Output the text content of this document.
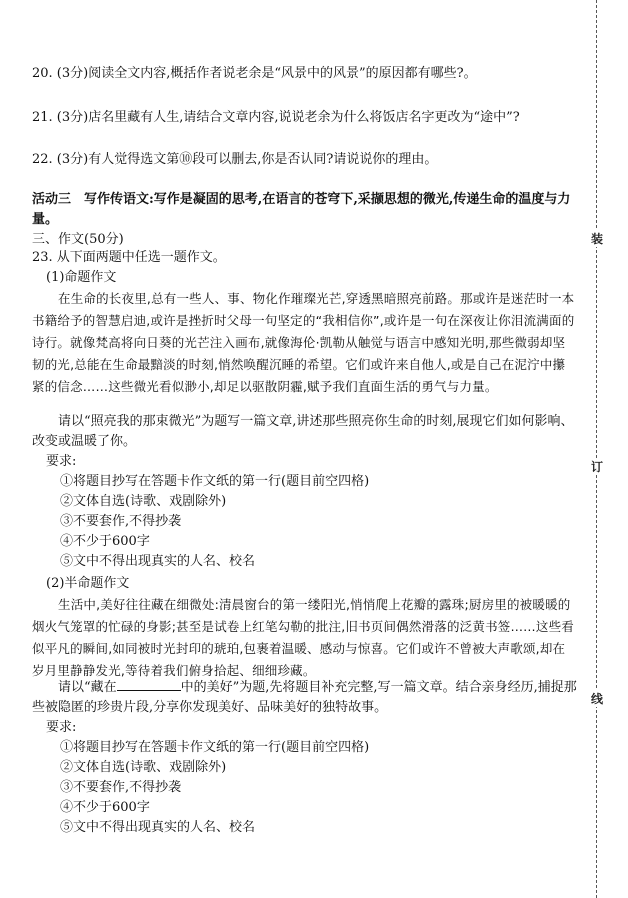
20. (3分)阅读全文内容,概括作者说老余是“风景中的风景”的原因都有哪些?。
21. (3分)店名里藏有人生,请结合文章内容,说说老余为什么将饭店名字更改为“途中”?
22. (3分)有人觉得选文第⑩段可以删去,你是否认同?请说说你的理由。
活动三　写作传语文:写作是凝固的思考,在语言的苍穹下,采撷思想的微光,传递生命的温度与力量。
三、作文(50分)
23. 从下面两题中任选一题作文。
(1)命题作文
在生命的长夜里,总有一些人、事、物化作璀璨光芒,穿透黑暗照亮前路。那或许是迷茫时一本书籍给予的智慧启迪,或许是挫折时父母一句坚定的“我相信你”,或许是一句在深夜让你泪流满面的诗行。就像梵高将向日葵的光芒注入画布,就像海伦·凯勒从触觉与语言中感知光明,那些微弱却坚韧的光,总能在生命最黯淡的时刻,悄然唤醒沉睡的希望。它们或许来自他人,或是自己在泥泞中攥紧的信念……这些微光看似渺小,却足以驱散阴霾,赋予我们直面生活的勇气与力量。
请以“照亮我的那束微光”为题写一篇文章,讲述那些照亮你生命的时刻,展现它们如何影响、改变或温暖了你。
要求:
①将题目抄写在答题卡作文纸的第一行(题目前空四格)
②文体自选(诗歌、戏剧除外)
③不要套作,不得抄袭
④不少于600字
⑤文中不得出现真实的人名、校名
(2)半命题作文
生活中,美好往往藏在细微处:清晨窗台的第一缕阳光,悄悄爬上花瓣的露珠;厨房里的被暖暖的烟火气笼罩的忙碌的身影;甚至是试卷上红笔勾勒的批注,旧书页间偶然滑落的泛黄书签……这些看似平凡的瞬间,如同被时光封印的琥珀,包裹着温暖、感动与惊喜。它们或许不曾被大声歌颂,却在岁月里静静发光,等待着我们俯身拾起、细细珍藏。
请以“藏在	中的美好”为题,先将题目补充完整,写一篇文章。结合亲身经历,捕捉那些被隐匿的珍贵片段,分享你发现美好、品味美好的独特故事。
要求:
①将题目抄写在答题卡作文纸的第一行(题目前空四格)
②文体自选(诗歌、戏剧除外)
③不要套作,不得抄袭
④不少于600字
⑤文中不得出现真实的人名、校名
装
订
线
